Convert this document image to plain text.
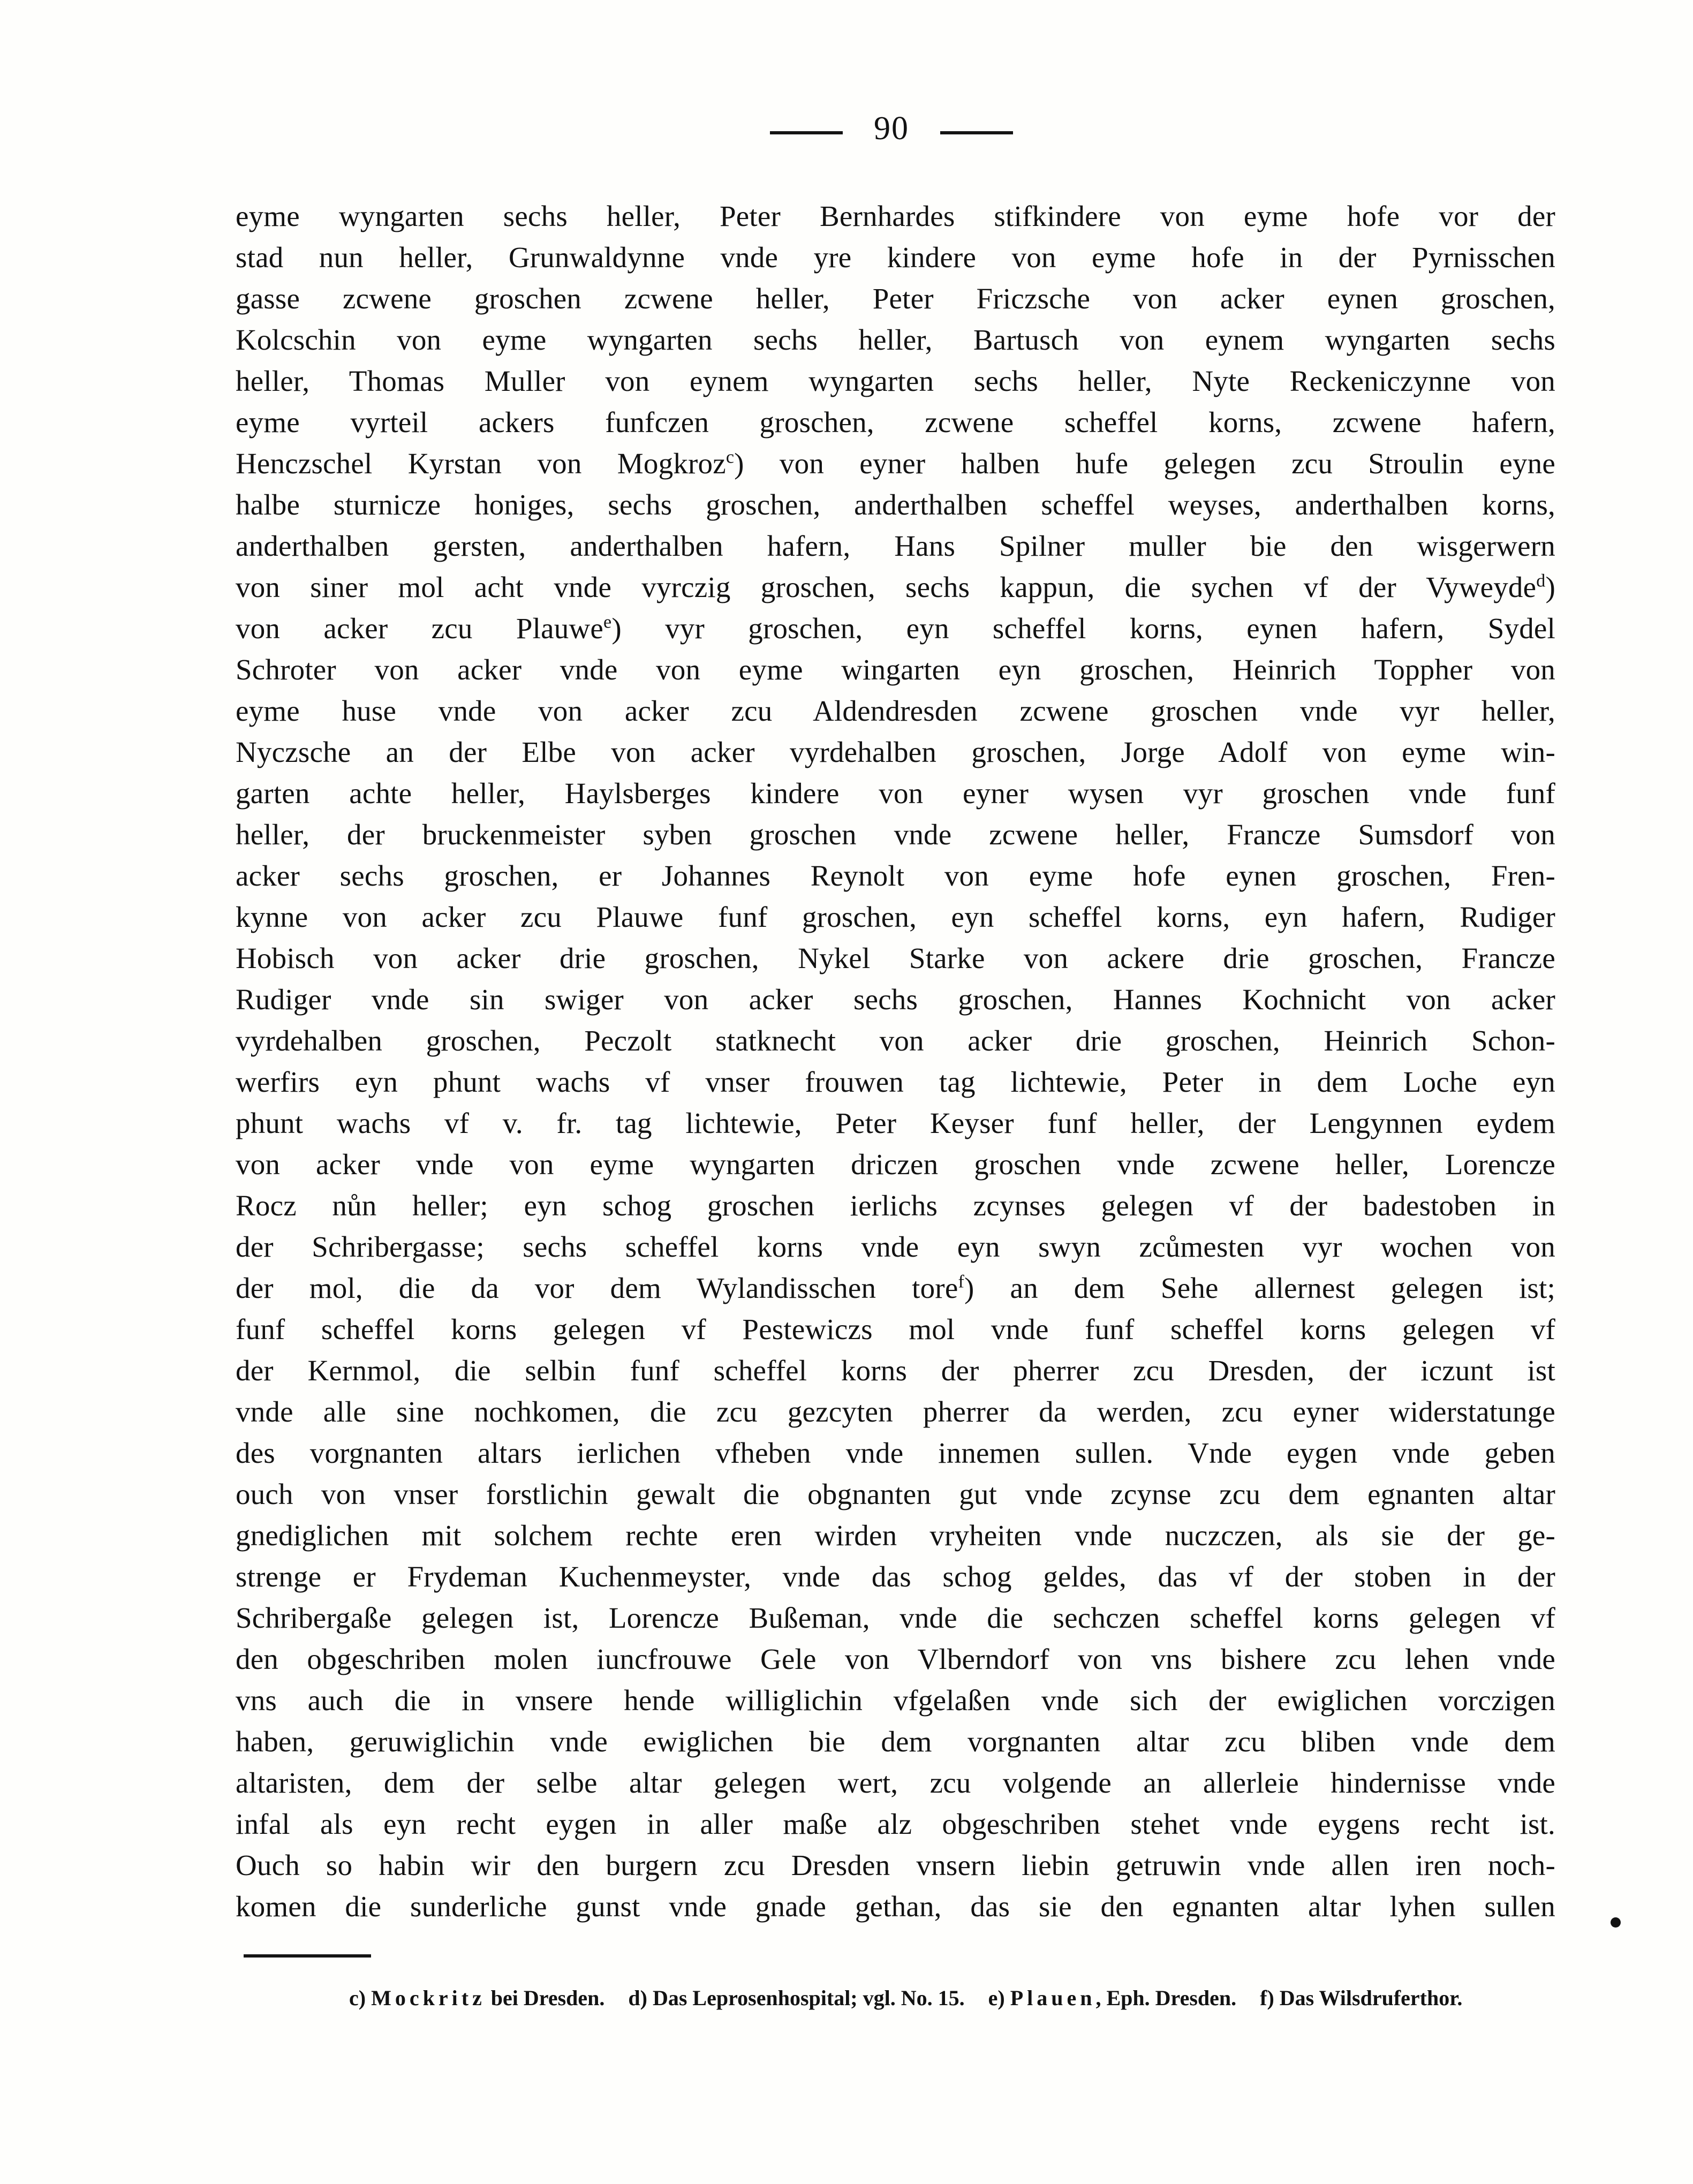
90
eyme wyngarten sechs heller, Peter Bernhardes stifkindere von eyme hofe vor der
stad nun heller, Grunwaldynne vnde yre kindere von eyme hofe in der Pyrnisschen
gasse zcwene groschen zcwene heller, Peter Friczsche von acker eynen groschen,
Kolcschin von eyme wyngarten sechs heller, Bartusch von eynem wyngarten sechs
heller, Thomas Muller von eynem wyngarten sechs heller, Nyte Reckeniczynne von
eyme vyrteil ackers funfczen groschen, zcwene scheffel korns, zcwene hafern,
Henczschel Kyrstan von Mogkroz$^c$) von eyner halben hufe gelegen zcu Stroulin eyne
halbe sturnicze honiges, sechs groschen, anderthalben scheffel weyses, anderthalben korns,
anderthalben gersten, anderthalben hafern, Hans Spilner muller bie den wisgerwern
von siner mol acht vnde vyrczig groschen, sechs kappun, die sychen vf der Vyweyde$^d$)
von acker zcu Plauwe$^e$) vyr groschen, eyn scheffel korns, eynen hafern, Sydel
Schroter von acker vnde von eyme wingarten eyn groschen, Heinrich Toppher von
eyme huse vnde von acker zcu Aldendresden zcwene groschen vnde vyr heller,
Nyczsche an der Elbe von acker vyrdehalben groschen, Jorge Adolf von eyme win-
garten achte heller, Haylsberges kindere von eyner wysen vyr groschen vnde funf
heller, der bruckenmeister syben groschen vnde zcwene heller, Francze Sumsdorf von
acker sechs groschen, er Johannes Reynolt von eyme hofe eynen groschen, Fren-
kynne von acker zcu Plauwe funf groschen, eyn scheffel korns, eyn hafern, Rudiger
Hobisch von acker drie groschen, Nykel Starke von ackere drie groschen, Francze
Rudiger vnde sin swiger von acker sechs groschen, Hannes Kochnicht von acker
vyrdehalben groschen, Peczolt statknecht von acker drie groschen, Heinrich Schon-
werfirs eyn phunt wachs vf vnser frouwen tag lichtewie, Peter in dem Loche eyn
phunt wachs vf v. fr. tag lichtewie, Peter Keyser funf heller, der Lengynnen eydem
von acker vnde von eyme wyngarten driczen groschen vnde zcwene heller, Lorencze
Rocz nůn heller; eyn schog groschen ierlichs zcynses gelegen vf der badestoben in
der Schribergasse; sechs scheffel korns vnde eyn swyn zcůmesten vyr wochen von
der mol, die da vor dem Wylandisschen tore$^f$) an dem Sehe allernest gelegen ist;
funf scheffel korns gelegen vf Pestewiczs mol vnde funf scheffel korns gelegen vf
der Kernmol, die selbin funf scheffel korns der pherrer zcu Dresden, der iczunt ist
vnde alle sine nochkomen, die zcu gezcyten pherrer da werden, zcu eyner widerstatunge
des vorgnanten altars ierlichen vfheben vnde innemen sullen. Vnde eygen vnde geben
ouch von vnser forstlichin gewalt die obgnanten gut vnde zcynse zcu dem egnanten altar
gnediglichen mit solchem rechte eren wirden vryheiten vnde nuczczen, als sie der ge-
strenge er Frydeman Kuchenmeyster, vnde das schog geldes, das vf der stoben in der
Schribergaße gelegen ist, Lorencze Bußeman, vnde die sechczen scheffel korns gelegen vf
den obgeschriben molen iuncfrouwe Gele von Vlberndorf von vns bishere zcu lehen vnde
vns auch die in vnsere hende williglichin vfgelaßen vnde sich der ewiglichen vorczigen
haben, geruwiglichin vnde ewiglichen bie dem vorgnanten altar zcu bliben vnde dem
altaristen, dem der selbe altar gelegen wert, zcu volgende an allerleie hindernisse vnde
infal als eyn recht eygen in aller maße alz obgeschriben stehet vnde eygens recht ist.
Ouch so habin wir den burgern zcu Dresden vnsern liebin getruwin vnde allen iren noch-
komen die sunderliche gunst vnde gnade gethan, das sie den egnanten altar lyhen sullen
c) Mockritz bei Dresden. d) Das Leprosenhospital; vgl. No. 15. e) Plauen, Eph. Dresden. f) Das Wilsdruferthor.
